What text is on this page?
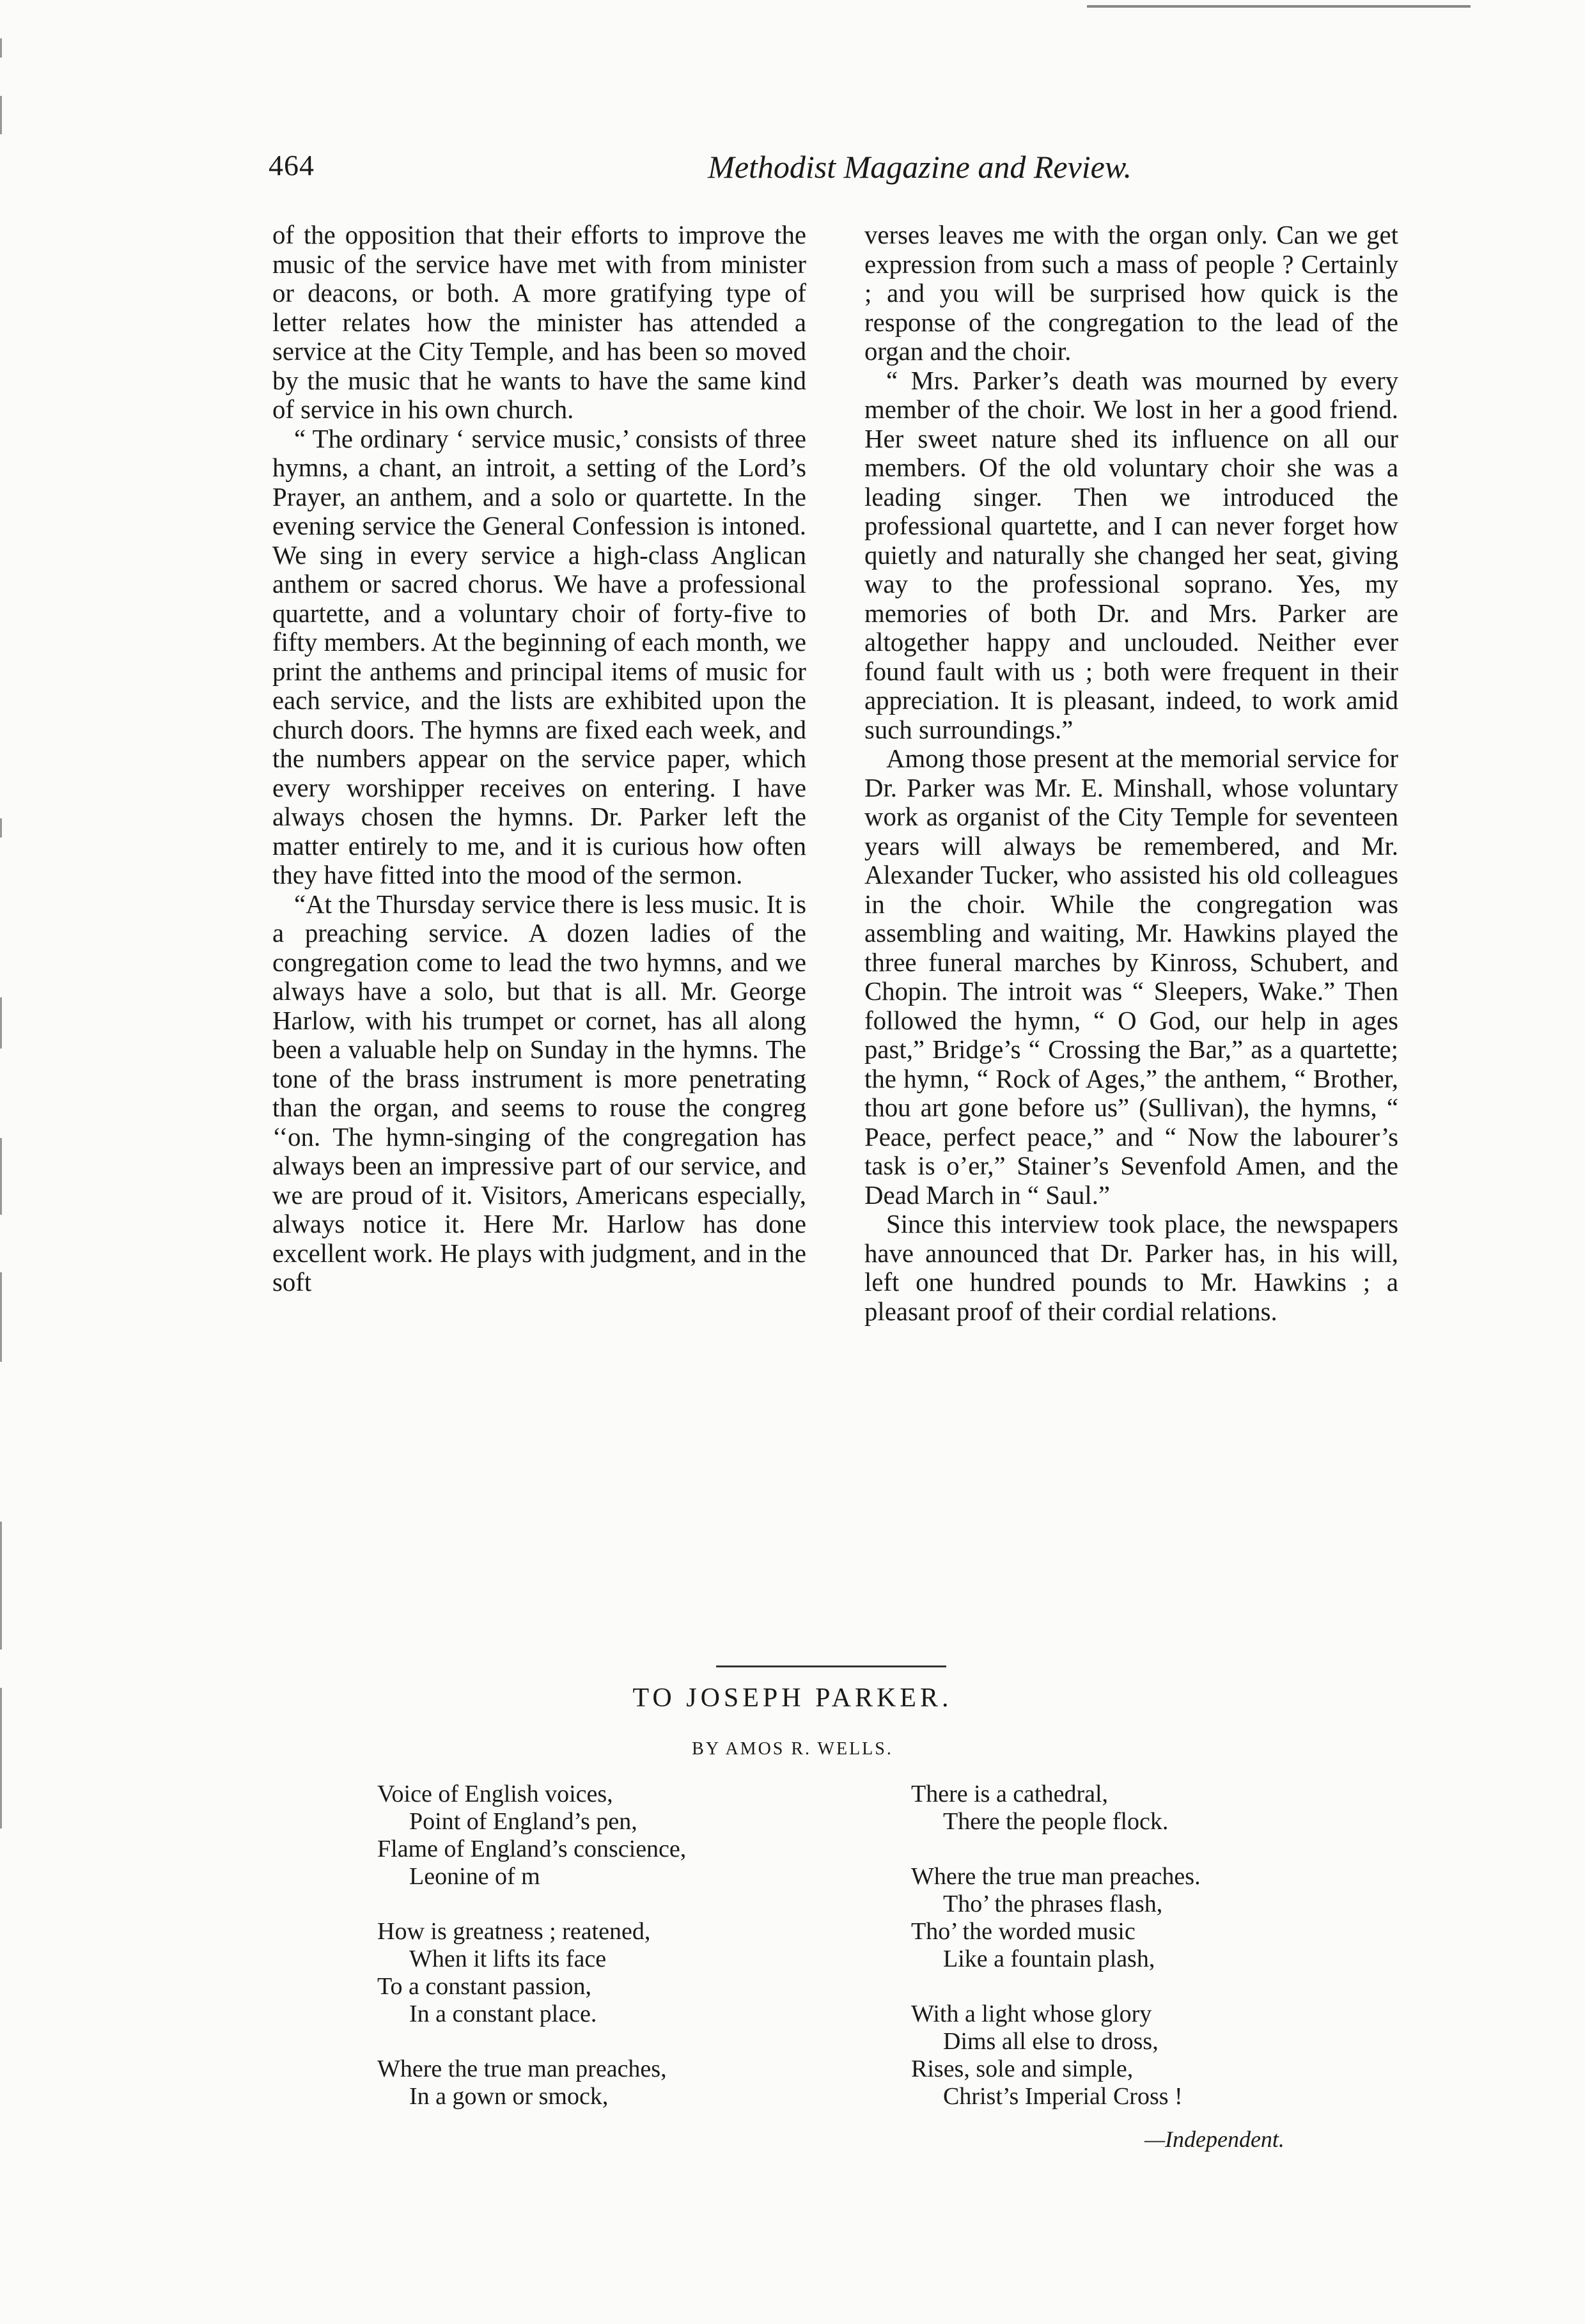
464	Methodist Magazine and Review.

of the opposition that their efforts to improve the music of the service have met with from minister or deacons, or both. A more gratifying type of letter relates how the minister has attended a service at the City Temple, and has been so moved by the music that he wants to have the same kind of service in his own church.

“ The ordinary ‘ service music,’ consists of three hymns, a chant, an introit, a setting of the Lord’s Prayer, an anthem, and a solo or quartette. In the evening service the General Confession is intoned. We sing in every service a high-class Anglican anthem or sacred chorus. We have a professional quartette, and a voluntary choir of forty-five to fifty members. At the beginning of each month, we print the anthems and principal items of music for each service, and the lists are exhibited upon the church doors. The hymns are fixed each week, and the numbers appear on the service paper, which every worshipper receives on entering. I have always chosen the hymns. Dr. Parker left the matter entirely to me, and it is curious how often they have fitted into the mood of the sermon.

“At the Thursday service there is less music. It is a preaching service. A dozen ladies of the congregation come to lead the two hymns, and we always have a solo, but that is all. Mr. George Harlow, with his trumpet or cornet, has all along been a valuable help on Sunday in the hymns. The tone of the brass instrument is more penetrating than the organ, and seems to rouse the congreg ‘‘on. The hymn-singing of the congregation has always been an impressive part of our service, and we are proud of it. Visitors, Americans especially, always notice it. Here Mr. Harlow has done excellent work. He plays with judgment, and in the soft

verses leaves me with the organ only. Can we get expression from such a mass of people ? Certainly ; and you will be surprised how quick is the response of the congregation to the lead of the organ and the choir.

“ Mrs. Parker’s death was mourned by every member of the choir. We lost in her a good friend. Her sweet nature shed its influence on all our members. Of the old voluntary choir she was a leading singer. Then we introduced the professional quartette, and I can never forget how quietly and naturally she changed her seat, giving way to the professional soprano. Yes, my memories of both Dr. and Mrs. Parker are altogether happy and unclouded. Neither ever found fault with us ; both were frequent in their appreciation. It is pleasant, indeed, to work amid such surroundings.”

Among those present at the memorial service for Dr. Parker was Mr. E. Minshall, whose voluntary work as organist of the City Temple for seventeen years will always be remembered, and Mr. Alexander Tucker, who assisted his old colleagues in the choir. While the congregation was assembling and waiting, Mr. Hawkins played the three funeral marches by Kinross, Schubert, and Chopin. The introit was “ Sleepers, Wake.” Then followed the hymn, “ O God, our help in ages past,” Bridge’s “ Crossing the Bar,” as a quartette; the hymn, “ Rock of Ages,” the anthem, “ Brother, thou art gone before us” (Sullivan), the hymns, “ Peace, perfect peace,” and “ Now the labourer’s task is o’er,” Stainer’s Sevenfold Amen, and the Dead March in “ Saul.”

Since this interview took place, the newspapers have announced that Dr. Parker has, in his will, left one hundred pounds to Mr. Hawkins ; a pleasant proof of their cordial relations.

TO JOSEPH PARKER.
BY AMOS R. WELLS.
Voice of English voices,
Point of England’s pen,
Flame of England’s conscience,
Leonine of m
How is greatness ; reatened,
When it lifts its face
To a constant passion,
In a constant place.
Where the true man preaches,
In a gown or smock,
There is a cathedral,
There the people flock.
Where the true man preaches.
Tho’ the phrases flash,
Tho’ the worded music
Like a fountain plash,
With a light whose glory
Dims all else to dross,
Rises, sole and simple,
Christ’s Imperial Cross !
—Independent.
